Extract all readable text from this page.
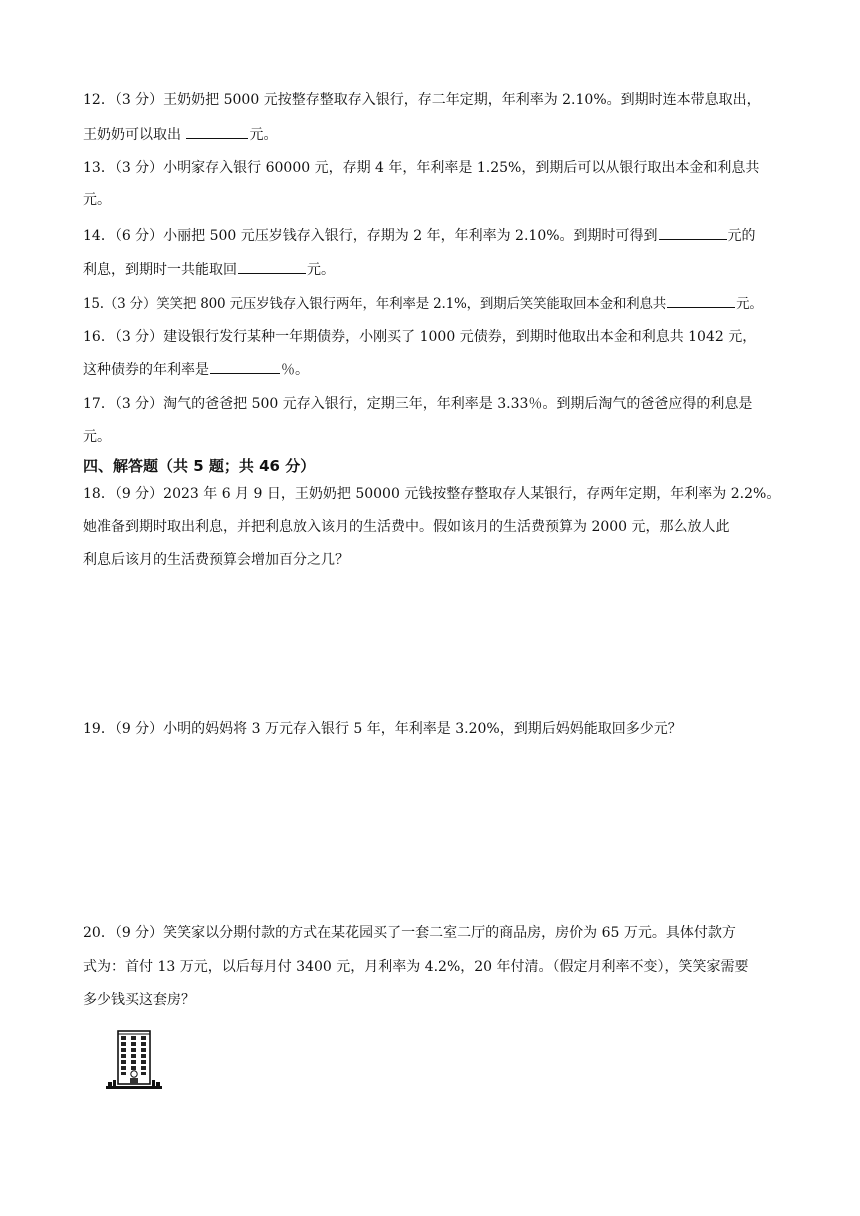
12．（3 分）王奶奶把 5000 元按整存整取存入银行，存二年定期，年利率为 2.10%。到期时连本带息取出，
王奶奶可以取出	元。
13．（3 分）小明家存入银行 60000 元，存期 4 年，年利率是 1.25%，到期后可以从银行取出本金和利息共
元。
14．（6 分）小丽把 500 元压岁钱存入银行，存期为 2 年，年利率为 2.10%。到期时可得到	元的
利息，到期时一共能取回	元。
15.（3 分）笑笑把 800 元压岁钱存入银行两年，年利率是 2.1%，到期后笑笑能取回本金和利息共	元。
16．（3 分）建设银行发行某种一年期债券，小刚买了 1000 元债券，到期时他取出本金和利息共 1042 元，
这种债券的年利率是	％。
17．（3 分）淘气的爸爸把 500 元存入银行，定期三年，年利率是 3.33％。到期后淘气的爸爸应得的利息是
元。
四、解答题（共 5 题；共 46 分）
18．（9 分）2023 年 6 月 9 日，王奶奶把 50000 元钱按整存整取存人某银行，存两年定期，年利率为 2.2%。
她准备到期时取出利息，并把利息放入该月的生活费中。假如该月的生活费预算为 2000 元，那么放人此
利息后该月的生活费预算会增加百分之几？
19．（9 分）小明的妈妈将 3 万元存入银行 5 年，年利率是 3.20%，到期后妈妈能取回多少元？
20．（9 分）笑笑家以分期付款的方式在某花园买了一套二室二厅的商品房，房价为 65 万元。具体付款方
式为：首付 13 万元，以后每月付 3400 元，月利率为 4.2%，20 年付清。（假定月利率不变），笑笑家需要
多少钱买这套房？
